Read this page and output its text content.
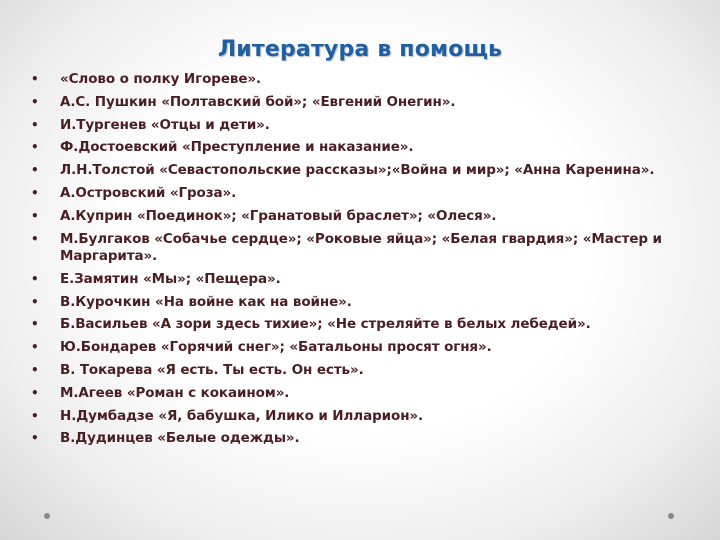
Литература в помощь
•	«Слово о полку Игореве».
•	А.С. Пушкин «Полтавский бой»; «Евгений Онегин».
•	И.Тургенев «Отцы и дети».
•	Ф.Достоевский «Преступление и наказание».
•	Л.Н.Толстой «Севастопольские рассказы»;«Война и мир»; «Анна Каренина».
•	А.Островский «Гроза».
•	А.Куприн «Поединок»; «Гранатовый браслет»; «Олеся».
•	М.Булгаков «Собачье сердце»; «Роковые яйца»; «Белая гвардия»; «Мастер и Маргарита».
•	Е.Замятин «Мы»; «Пещера».
•	В.Курочкин «На войне как на войне».
•	Б.Васильев «А зори здесь тихие»; «Не стреляйте в белых лебедей».
•	Ю.Бондарев «Горячий снег»; «Батальоны просят огня».
•	В. Токарева «Я есть. Ты есть. Он есть».
•	М.Агеев «Роман с кокаином».
•	Н.Думбадзе «Я, бабушка, Илико и Илларион».
•	В.Дудинцев «Белые одежды».
